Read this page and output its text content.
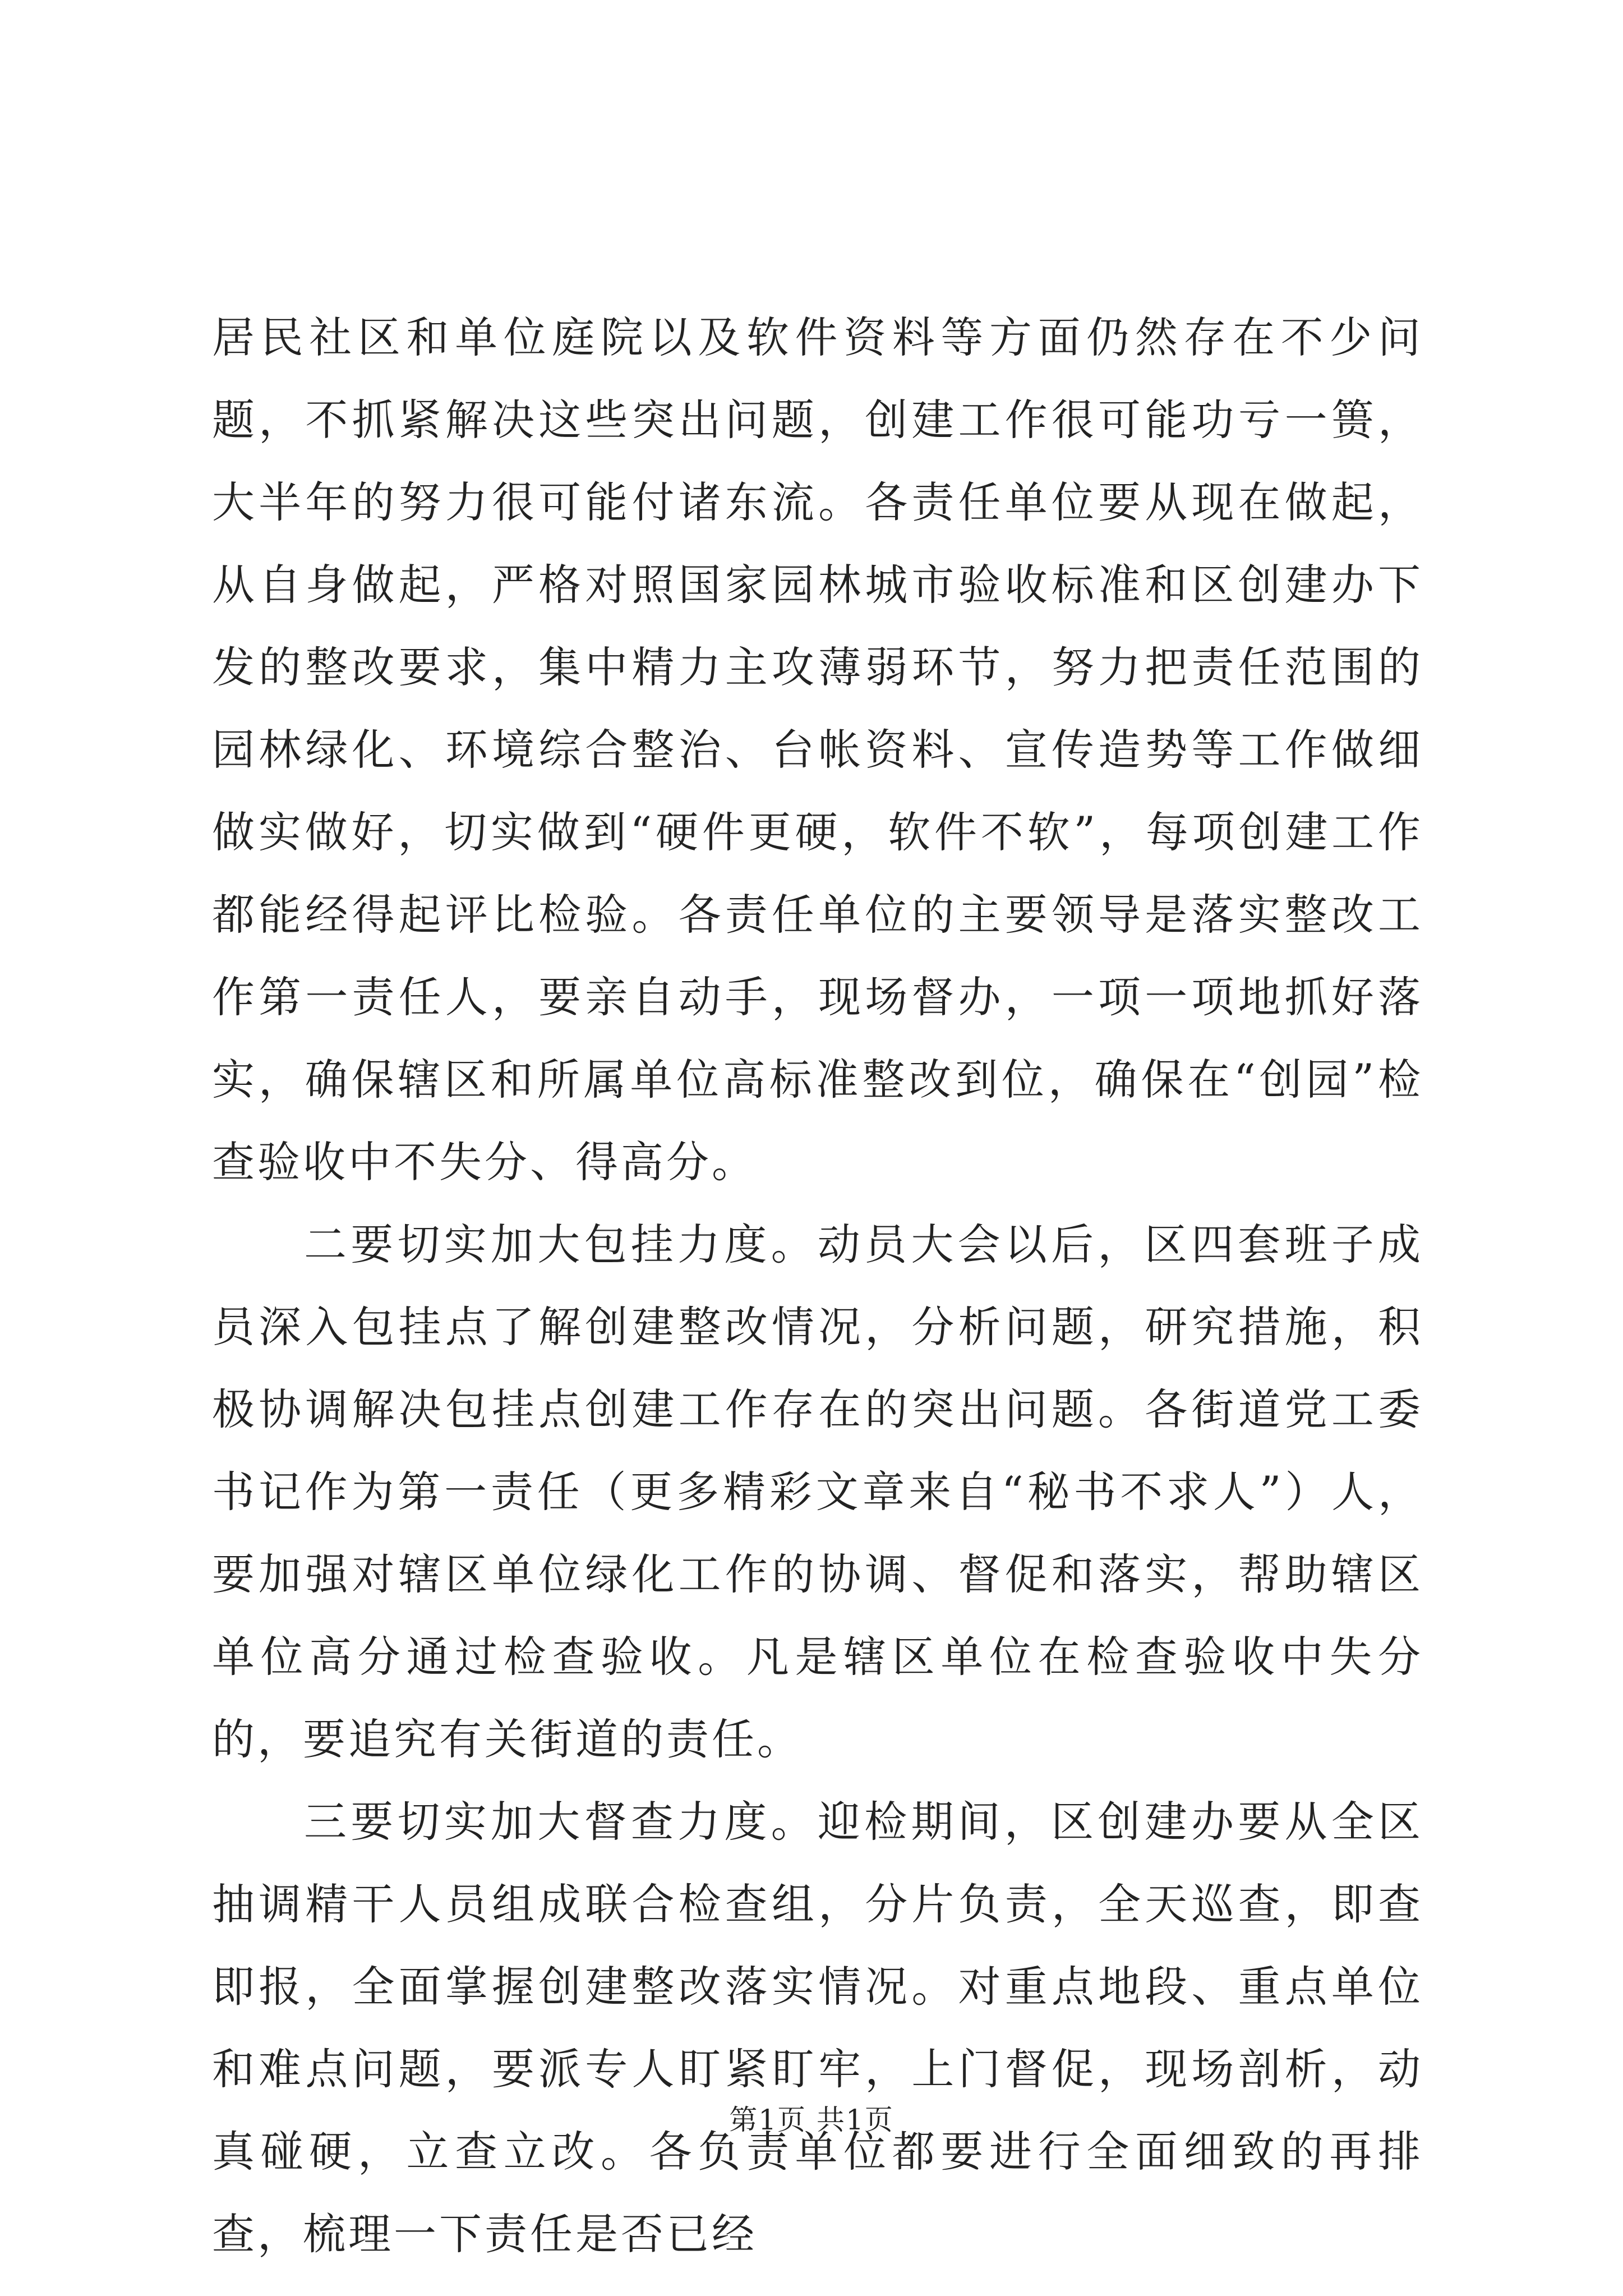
居民社区和单位庭院以及软件资料等方面仍然存在不少问题，不抓紧解决这些突出问题，创建工作很可能功亏一篑，大半年的努力很可能付诸东流。各责任单位要从现在做起，从自身做起，严格对照国家园林城市验收标准和区创建办下发的整改要求，集中精力主攻薄弱环节，努力把责任范围的园林绿化、环境综合整治、台帐资料、宣传造势等工作做细做实做好，切实做到“硬件更硬，软件不软”，每项创建工作都能经得起评比检验。各责任单位的主要领导是落实整改工作第一责任人，要亲自动手，现场督办，一项一项地抓好落实，确保辖区和所属单位高标准整改到位，确保在“创园”检查验收中不失分、得高分。

二要切实加大包挂力度。动员大会以后，区四套班子成员深入包挂点了解创建整改情况，分析问题，研究措施，积极协调解决包挂点创建工作存在的突出问题。各街道党工委书记作为第一责任（更多精彩文章来自“秘书不求人”）人，要加强对辖区单位绿化工作的协调、督促和落实，帮助辖区单位高分通过检查验收。凡是辖区单位在检查验收中失分的，要追究有关街道的责任。

三要切实加大督查力度。迎检期间，区创建办要从全区抽调精干人员组成联合检查组，分片负责，全天巡查，即查即报，全面掌握创建整改落实情况。对重点地段、重点单位和难点问题，要派专人盯紧盯牢，上门督促，现场剖析，动真碰硬，立查立改。各负责单位都要进行全面细致的再排查，梳理一下责任是否已经

第1页 共1页
